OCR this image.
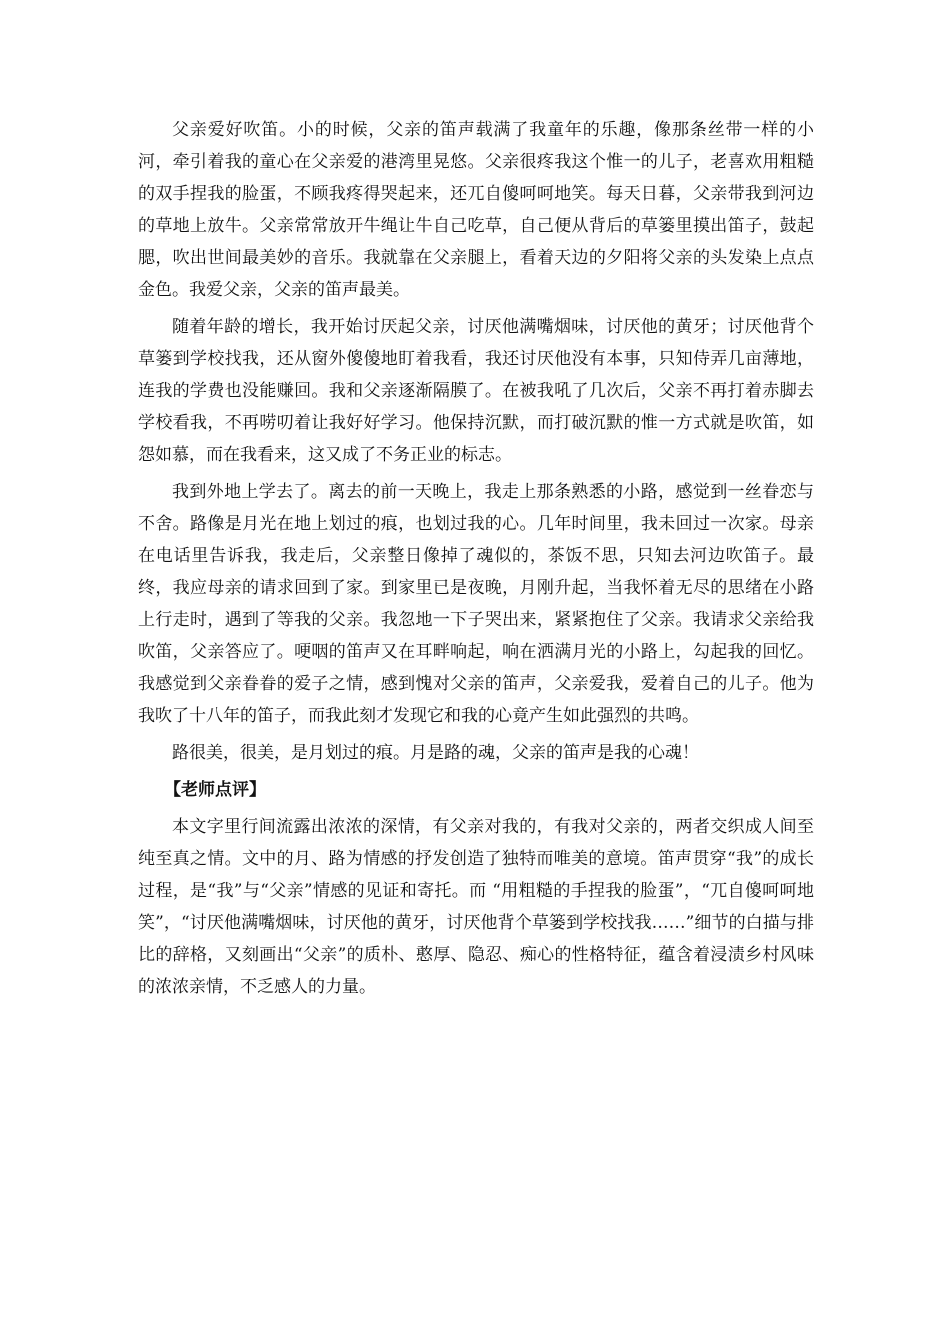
父亲爱好吹笛。小的时候，父亲的笛声载满了我童年的乐趣，像那条丝带一样的小河，牵引着我的童心在父亲爱的港湾里晃悠。父亲很疼我这个惟一的儿子，老喜欢用粗糙的双手捏我的脸蛋，不顾我疼得哭起来，还兀自傻呵呵地笑。每天日暮，父亲带我到河边的草地上放牛。父亲常常放开牛绳让牛自己吃草，自己便从背后的草篓里摸出笛子，鼓起腮，吹出世间最美妙的音乐。我就靠在父亲腿上，看着天边的夕阳将父亲的头发染上点点金色。我爱父亲，父亲的笛声最美。

随着年龄的增长，我开始讨厌起父亲，讨厌他满嘴烟味，讨厌他的黄牙；讨厌他背个草篓到学校找我，还从窗外傻傻地盯着我看，我还讨厌他没有本事，只知侍弄几亩薄地，连我的学费也没能赚回。我和父亲逐渐隔膜了。在被我吼了几次后，父亲不再打着赤脚去学校看我，不再唠叨着让我好好学习。他保持沉默，而打破沉默的惟一方式就是吹笛，如怨如慕，而在我看来，这又成了不务正业的标志。

我到外地上学去了。离去的前一天晚上，我走上那条熟悉的小路，感觉到一丝眷恋与不舍。路像是月光在地上划过的痕，也划过我的心。几年时间里，我未回过一次家。母亲在电话里告诉我，我走后，父亲整日像掉了魂似的，茶饭不思，只知去河边吹笛子。最终，我应母亲的请求回到了家。到家里已是夜晚，月刚升起，当我怀着无尽的思绪在小路上行走时，遇到了等我的父亲。我忽地一下子哭出来，紧紧抱住了父亲。我请求父亲给我吹笛，父亲答应了。哽咽的笛声又在耳畔响起，响在洒满月光的小路上，勾起我的回忆。我感觉到父亲眷眷的爱子之情，感到愧对父亲的笛声，父亲爱我，爱着自己的儿子。他为我吹了十八年的笛子，而我此刻才发现它和我的心竟产生如此强烈的共鸣。

路很美，很美，是月划过的痕。月是路的魂，父亲的笛声是我的心魂！

【老师点评】

本文字里行间流露出浓浓的深情，有父亲对我的，有我对父亲的，两者交织成人间至纯至真之情。文中的月、路为情感的抒发创造了独特而唯美的意境。笛声贯穿“我”的成长过程，是“我”与“父亲”情感的见证和寄托。而 “用粗糙的手捏我的脸蛋”，“兀自傻呵呵地笑”，“讨厌他满嘴烟味，讨厌他的黄牙，讨厌他背个草篓到学校找我……”细节的白描与排比的辞格，又刻画出“父亲”的质朴、憨厚、隐忍、痴心的性格特征，蕴含着浸渍乡村风味的浓浓亲情，不乏感人的力量。
